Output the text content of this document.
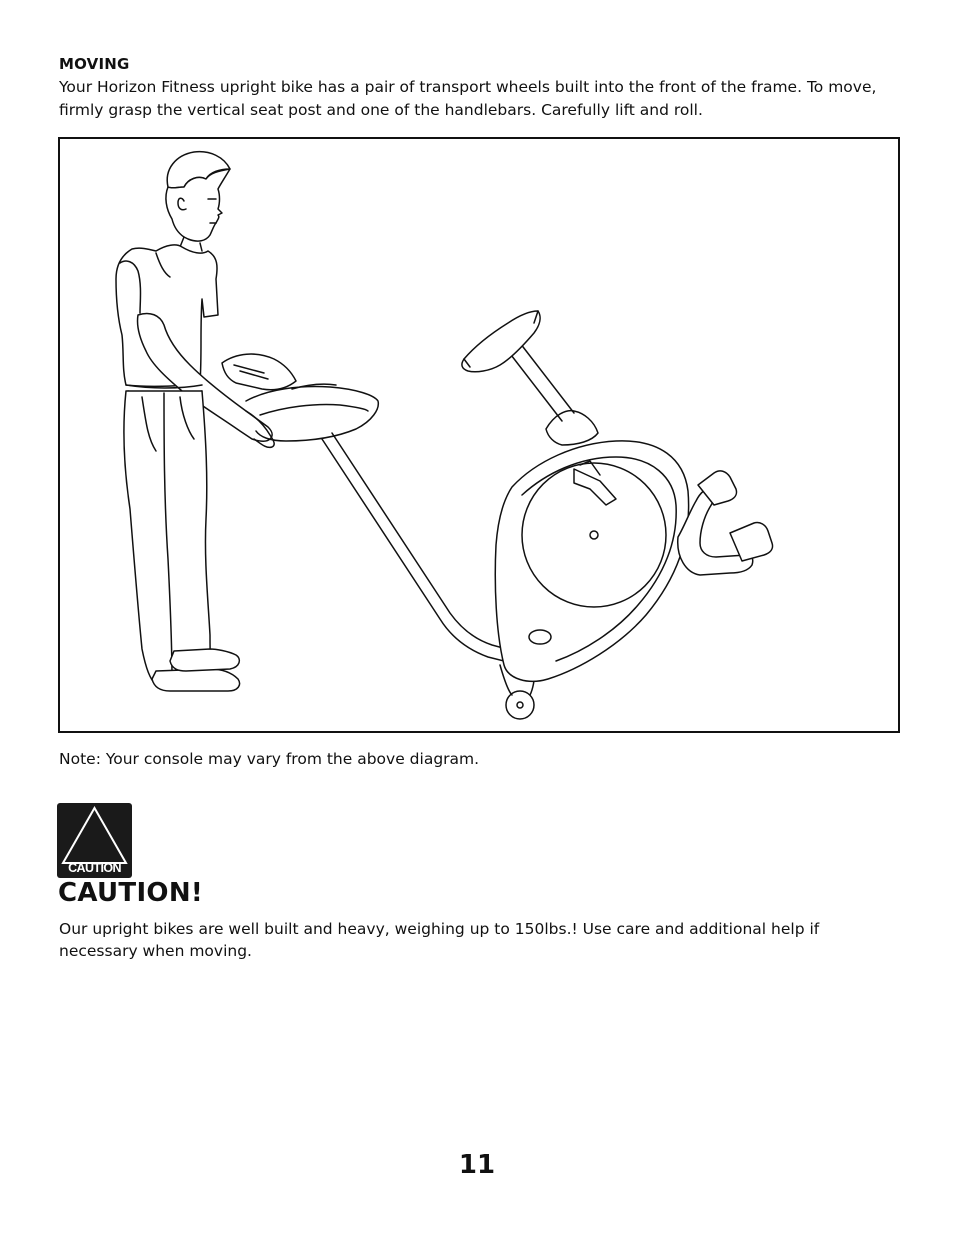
MOVING

Your Horizon Fitness upright bike has a pair of transport wheels built into the front of the frame. To move, firmly grasp the vertical seat post and one of the handlebars. Carefully lift and roll.

Note: Your console may vary from the above diagram.

CAUTION
CAUTION!

Our upright bikes are well built and heavy, weighing up to 150lbs.! Use care and additional help if necessary when moving.

11
